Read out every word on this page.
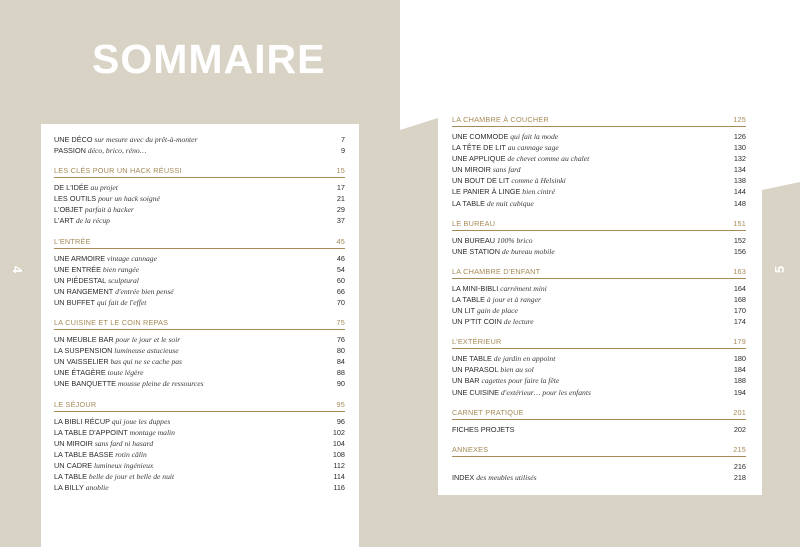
SOMMAIRE
4
UNE DÉCO sur mesure avec du prêt-à-monter	7
PASSION déco, brico, réno…	9
LES CLÉS POUR UN HACK RÉUSSI	15
DE L'IDÉE au projet	17
LES OUTILS pour un hack soigné	21
L'OBJET parfait à hacker	29
L'ART de la récup	37
L'ENTRÉE	45
UNE ARMOIRE vintage cannage	46
UNE ENTRÉE bien rangée	54
UN PIÉDESTAL sculptural	60
UN RANGEMENT d'entrée bien pensé	66
UN BUFFET qui fait de l'effet	70
LA CUISINE ET LE COIN REPAS	75
UN MEUBLE BAR pour le jour et le soir	76
LA SUSPENSION lumineuse astucieuse	80
UN VAISSELIER bas qui ne se cache pas	84
UNE ÉTAGÈRE toute légère	88
UNE BANQUETTE mousse pleine de ressources	90
LE SÉJOUR	95
LA BIBLI RÉCUP qui joue les duppes	96
LA TABLE D'APPOINT montage malin	102
UN MIROIR sans fard ni hasard	104
LA TABLE BASSE rotin câlin	108
UN CADRE lumineux ingénieux	112
LA TABLE belle de jour et belle de nuit	114
LA BILLY anoblie	116
5
LA CHAMBRE À COUCHER	125
UNE COMMODE qui fait la mode	126
LA TÊTE DE LIT au cannage sage	130
UNE APPLIQUE de chevet comme au chalet	132
UN MIROIR sans fard	134
UN BOUT DE LIT comme à Helsinki	138
LE PANIER À LINGE bien cintré	144
LA TABLE de nuit cubique	148
LE BUREAU	151
UN BUREAU 100% brico	152
UNE STATION de bureau mobile	156
LA CHAMBRE D'ENFANT	163
LA MINI-BIBLI carrément mini	164
LA TABLE à jour et à ranger	168
UN LIT gain de place	170
UN P'TIT COIN de lecture	174
L'EXTÉRIEUR	179
UNE TABLE de jardin en appoint	180
UN PARASOL bien au sol	184
UN BAR cagettes pour faire la fête	188
UNE CUISINE d'extérieur… pour les enfants	194
CARNET PRATIQUE	201
FICHES PROJETS	202
ANNEXES	215
216
INDEX des meubles utilisés	218
